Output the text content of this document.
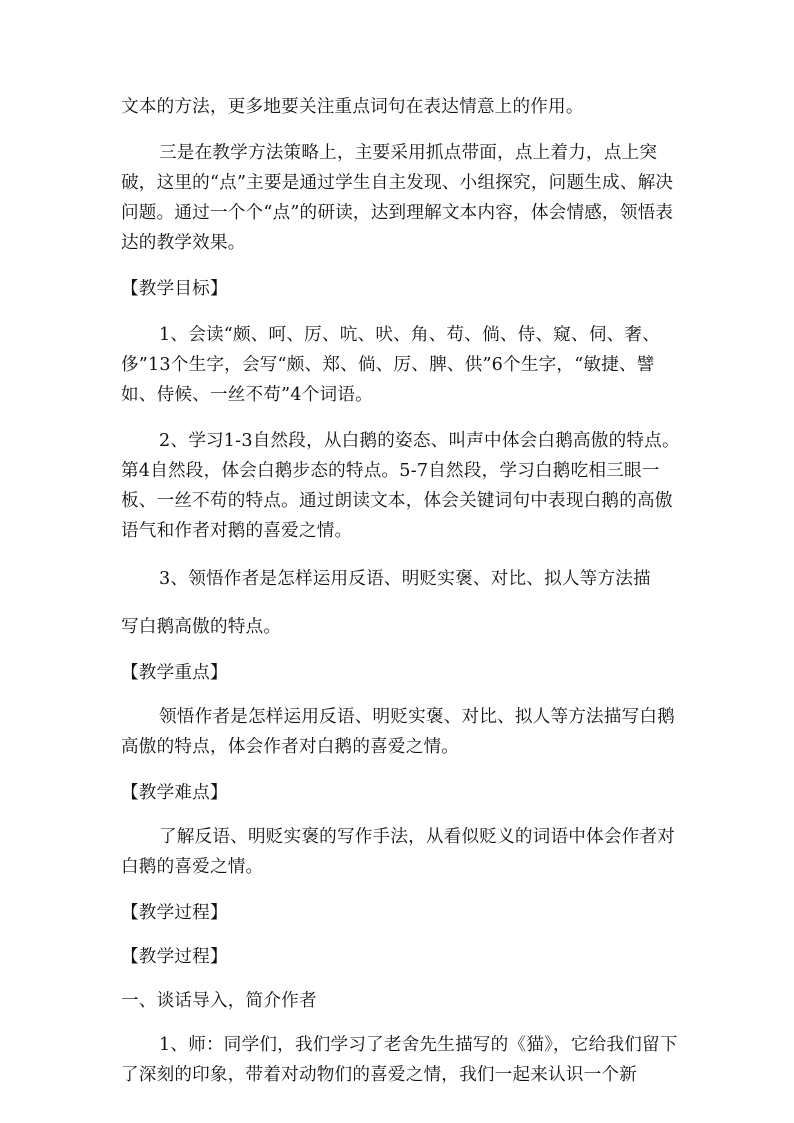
文本的方法，更多地要关注重点词句在表达情意上的作用。

三是在教学方法策略上，主要采用抓点带面，点上着力，点上突破，这里的“点”主要是通过学生自主发现、小组探究，问题生成、解决问题。通过一个个“点”的研读，达到理解文本内容，体会情感，领悟表达的教学效果。

【教学目标】

1、会读“颇、呵、厉、吭、吠、角、苟、倘、侍、窥、伺、奢、侈”13个生字，会写“颇、郑、倘、厉、脾、供”6个生字，“敏捷、譬如、侍候、一丝不苟”4个词语。

2、学习1-3自然段，从白鹅的姿态、叫声中体会白鹅高傲的特点。第4自然段，体会白鹅步态的特点。5-7自然段，学习白鹅吃相三眼一板、一丝不苟的特点。通过朗读文本，体会关键词句中表现白鹅的高傲语气和作者对鹅的喜爱之情。

3、领悟作者是怎样运用反语、明贬实褒、对比、拟人等方法描

写白鹅高傲的特点。

【教学重点】

领悟作者是怎样运用反语、明贬实褒、对比、拟人等方法描写白鹅高傲的特点，体会作者对白鹅的喜爱之情。

【教学难点】

了解反语、明贬实褒的写作手法，从看似贬义的词语中体会作者对白鹅的喜爱之情。

【教学过程】

【教学过程】

一、谈话导入，简介作者

1、师：同学们，我们学习了老舍先生描写的《猫》，它给我们留下了深刻的印象，带着对动物们的喜爱之情，我们一起来认识一个新
